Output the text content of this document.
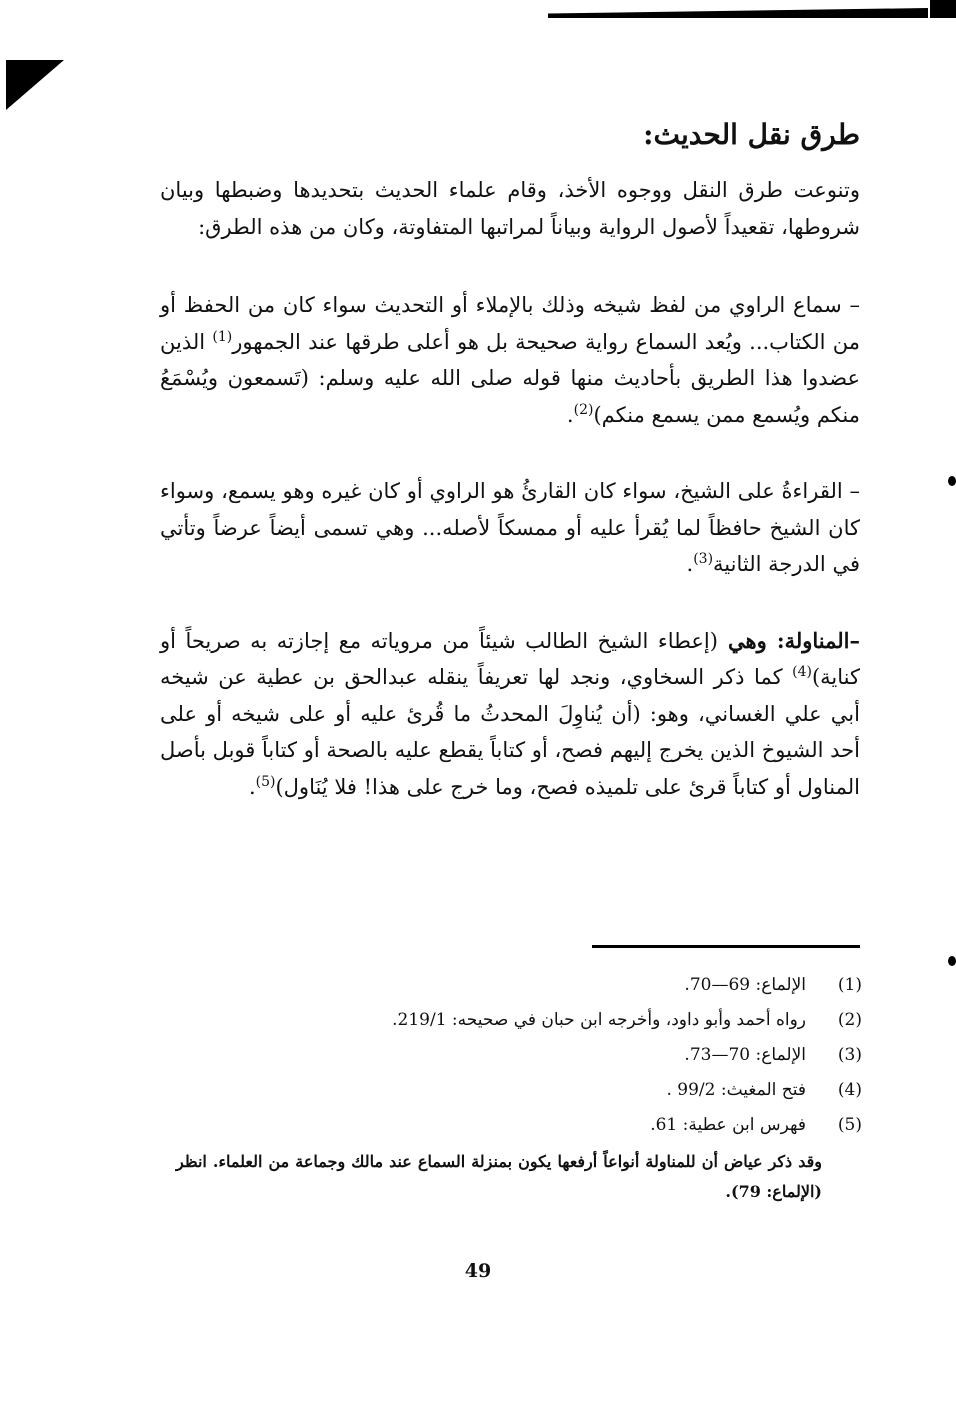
طرق نقل الحديث:

وتنوعت طرق النقل ووجوه الأخذ، وقام علماء الحديث بتحديدها وضبطها وبيان شروطها، تقعيداً لأصول الرواية وبياناً لمراتبها المتفاوتة، وكان من هذه الطرق:

– سماع الراوي من لفظ شيخه وذلك بالإملاء أو التحديث سواء كان من الحفظ أو من الكتاب... ويُعد السماع رواية صحيحة بل هو أعلى طرقها عند الجمهور$^{(1)}$ الذين عضدوا هذا الطريق بأحاديث منها قوله صلى الله عليه وسلم: (تَسمعون ويُسْمَعُ منكم ويُسمع ممن يسمع منكم)$^{(2)}$.

– القراءةُ على الشيخ، سواء كان القارئُ هو الراوي أو كان غيره وهو يسمع، وسواء كان الشيخ حافظاً لما يُقرأ عليه أو ممسكاً لأصله... وهي تسمى أيضاً عرضاً وتأتي في الدرجة الثانية$^{(3)}$.

–المناولة: وهي (إعطاء الشيخ الطالب شيئاً من مروياته مع إجازته به صريحاً أو كناية)$^{(4)}$ كما ذكر السخاوي، ونجد لها تعريفاً ينقله عبدالحق بن عطية عن شيخه أبي علي الغساني، وهو: (أن يُناوِلَ المحدثُ ما قُرئ عليه أو على شيخه أو على أحد الشيوخ الذين يخرج إليهم فصح، أو كتاباً يقطع عليه بالصحة أو كتاباً قوبل بأصل المناول أو كتاباً قرئ على تلميذه فصح، وما خرج على هذا! فلا يُنَاول)$^{(5)}$.

(1)
الإلماع: 69—70.
(2)
رواه أحمد وأبو داود، وأخرجه ابن حبان في صحيحه: 219/1.
(3)
الإلماع: 70—73.
(4)
فتح المغيث: 99/2 .
(5)
فهرس ابن عطية: 61.

وقد ذكر عياض أن للمناولة أنواعاً أرفعها يكون بمنزلة السماع عند مالك وجماعة من العلماء. انظر (الإلماع: 79).

49
